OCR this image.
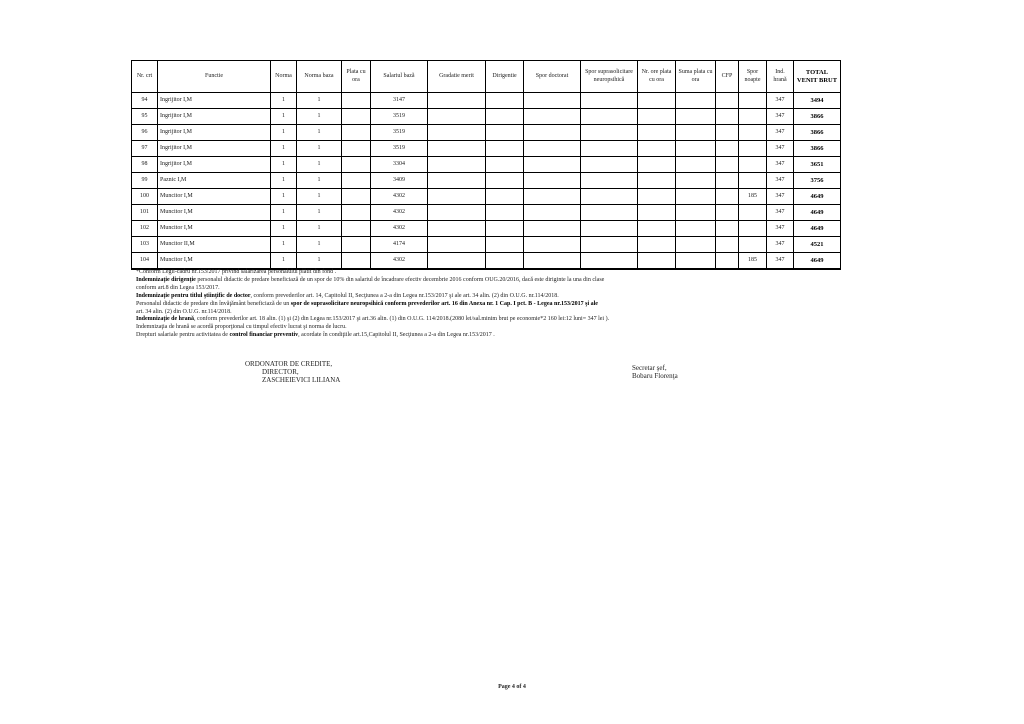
Nr. crt	Functie	Norma	Norma baza	Plata cu ora	Salariul bază	Gradatie merit	Dirigentie	Spor doctorat	Spor suprasolicitare neuropsihică	Nr. ore plata cu ora	Suma plata cu ora	CFP	Spor noapte	Ind. hrană	TOTAL VENIT BRUT
94	Ingrijitor I,M	1	1		3147									347	3494
95	Ingrijitor I,M	1	1		3519									347	3866
96	Ingrijitor I,M	1	1		3519									347	3866
97	Ingrijitor I,M	1	1		3519									347	3866
98	Ingrijitor I,M	1	1		3304									347	3651
99	Paznic I,M	1	1		3409									347	3756
100	Muncitor I,M	1	1		4302								185	347	4649
101	Muncitor I,M	1	1		4302									347	4649
102	Muncitor I,M	1	1		4302									347	4649
103	Muncitor II,M	1	1		4174									347	4521
104	Muncitor I,M	1	1		4302								185	347	4649
*Conform Legii-cadru nr.153/2017 privind salarizarea personalului plătit din fond .
Indemnizaţie dirigenţie personalul didactic de predare beneficiază de un spor de 10% din salariul de încadrare efectiv decembrie 2016 conform OUG.20/2016, dacă este diriginte la una din clase
conform art.8 din Legea 153/2017.
Indemnizaţie pentru titlul ştiinţific de doctor, conform prevederilor art. 14, Capitolul II, Secţiunea a 2-a din Legea nr.153/2017 şi ale art. 34 alin. (2) din O.U.G. nr.114/2018.
Personalul didactic de predare din învăţământ beneficiază de un spor de suprasolicitare neuropsihică conform prevederilor art. 16 din Anexa nr. 1 Cap. I pct. B - Legea nr.153/2017 şi ale
art. 34 alin. (2) din O.U.G. nr.114/2018.
Indemnizaţie de hrană, conform prevederilor art. 18 alin. (1) şi (2) din Legea nr.153/2017 şi art.36 alin. (1) din O.U.G. 114/2018.(2080 lei/sal.minim brut pe economie*2 160 lei:12 luni= 347 lei ).
Indemnizaţia de hrană se acordă proporţional cu timpul efectiv lucrat şi norma de lucru.
Drepturi salariale pentru activitatea de control financiar preventiv, acordate în condiţiile art.15,Capitolul II, Secţiunea a 2-a din Legea nr.153/2017 .
ORDONATOR DE CREDITE,
DIRECTOR,
ZASCHEIEVICI LILIANA
Secretar şef,
Bobaru Florenţa
Page 4 of 4
